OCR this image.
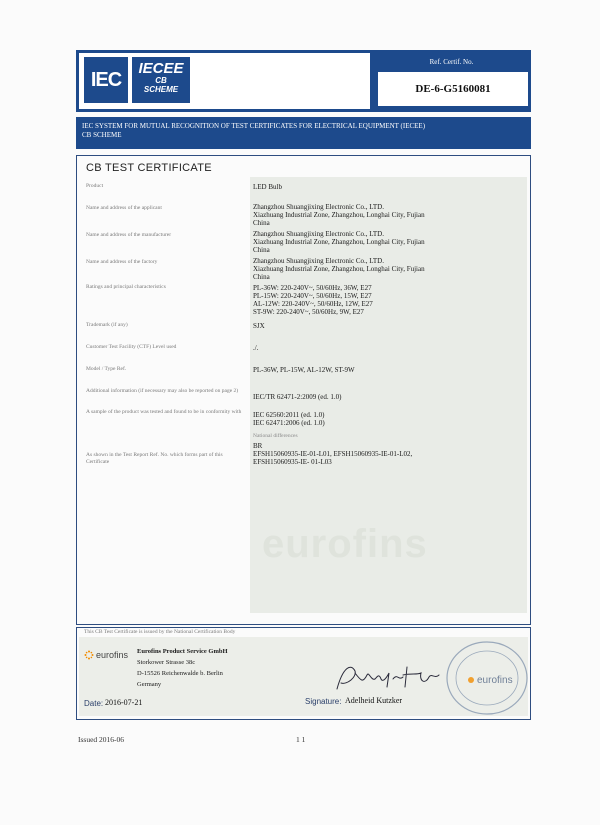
IEC	IECEE
CB
SCHEME
Ref. Certif. No.
DE-6-G5160081
IEC SYSTEM FOR MUTUAL RECOGNITION OF TEST CERTIFICATES FOR ELECTRICAL EQUIPMENT (IECEE)
CB SCHEME
CB TEST CERTIFICATE
eurofins
Product
Name and address of the applicant
Name and address of the manufacturer
Name and address of the factory
Ratings and principal characteristics
Trademark (if any)
Customer Test Facility (CTF) Level used
Model / Type Ref.
Additional information (if necessary may also be reported on page 2)
A sample of the product was tested and found to be in conformity with
As shown in the Test Report Ref. No. which forms part of this Certificate
LED Bulb
Zhangzhou Shuangjixing Electronic Co., LTD.
Xiazhuang Industrial Zone, Zhangzhou, Longhai City, Fujian
China
Zhangzhou Shuangjixing Electronic Co., LTD.
Xiazhuang Industrial Zone, Zhangzhou, Longhai City, Fujian
China
Zhangzhou Shuangjixing Electronic Co., LTD.
Xiazhuang Industrial Zone, Zhangzhou, Longhai City, Fujian
China
PL-36W: 220-240V~, 50/60Hz, 36W, E27
PL-15W: 220-240V~, 50/60Hz, 15W, E27
AL-12W: 220-240V~, 50/60Hz, 12W, E27
ST-9W: 220-240V~, 50/60Hz, 9W, E27
SJX
./.
PL-36W, PL-15W, AL-12W, ST-9W
IEC/TR 62471-2:2009 (ed. 1.0)
IEC 62560:2011 (ed. 1.0)
IEC 62471:2006 (ed. 1.0)
National differences
BR
EFSH15060935-IE-01-L01, EFSH15060935-IE-01-L02,
EFSH15060935-IE- 01-L03
This CB Test Certificate is issued by the National Certification Body
eurofins Eurofins Product Service GmbH
Storkower Strasse 38c
D-15526 Reichenwalde b. Berlin
Germany
Date: 2016-07-21
eurofins
Signature: Adelheid Kutzker
Issued 2016-06	1 1
